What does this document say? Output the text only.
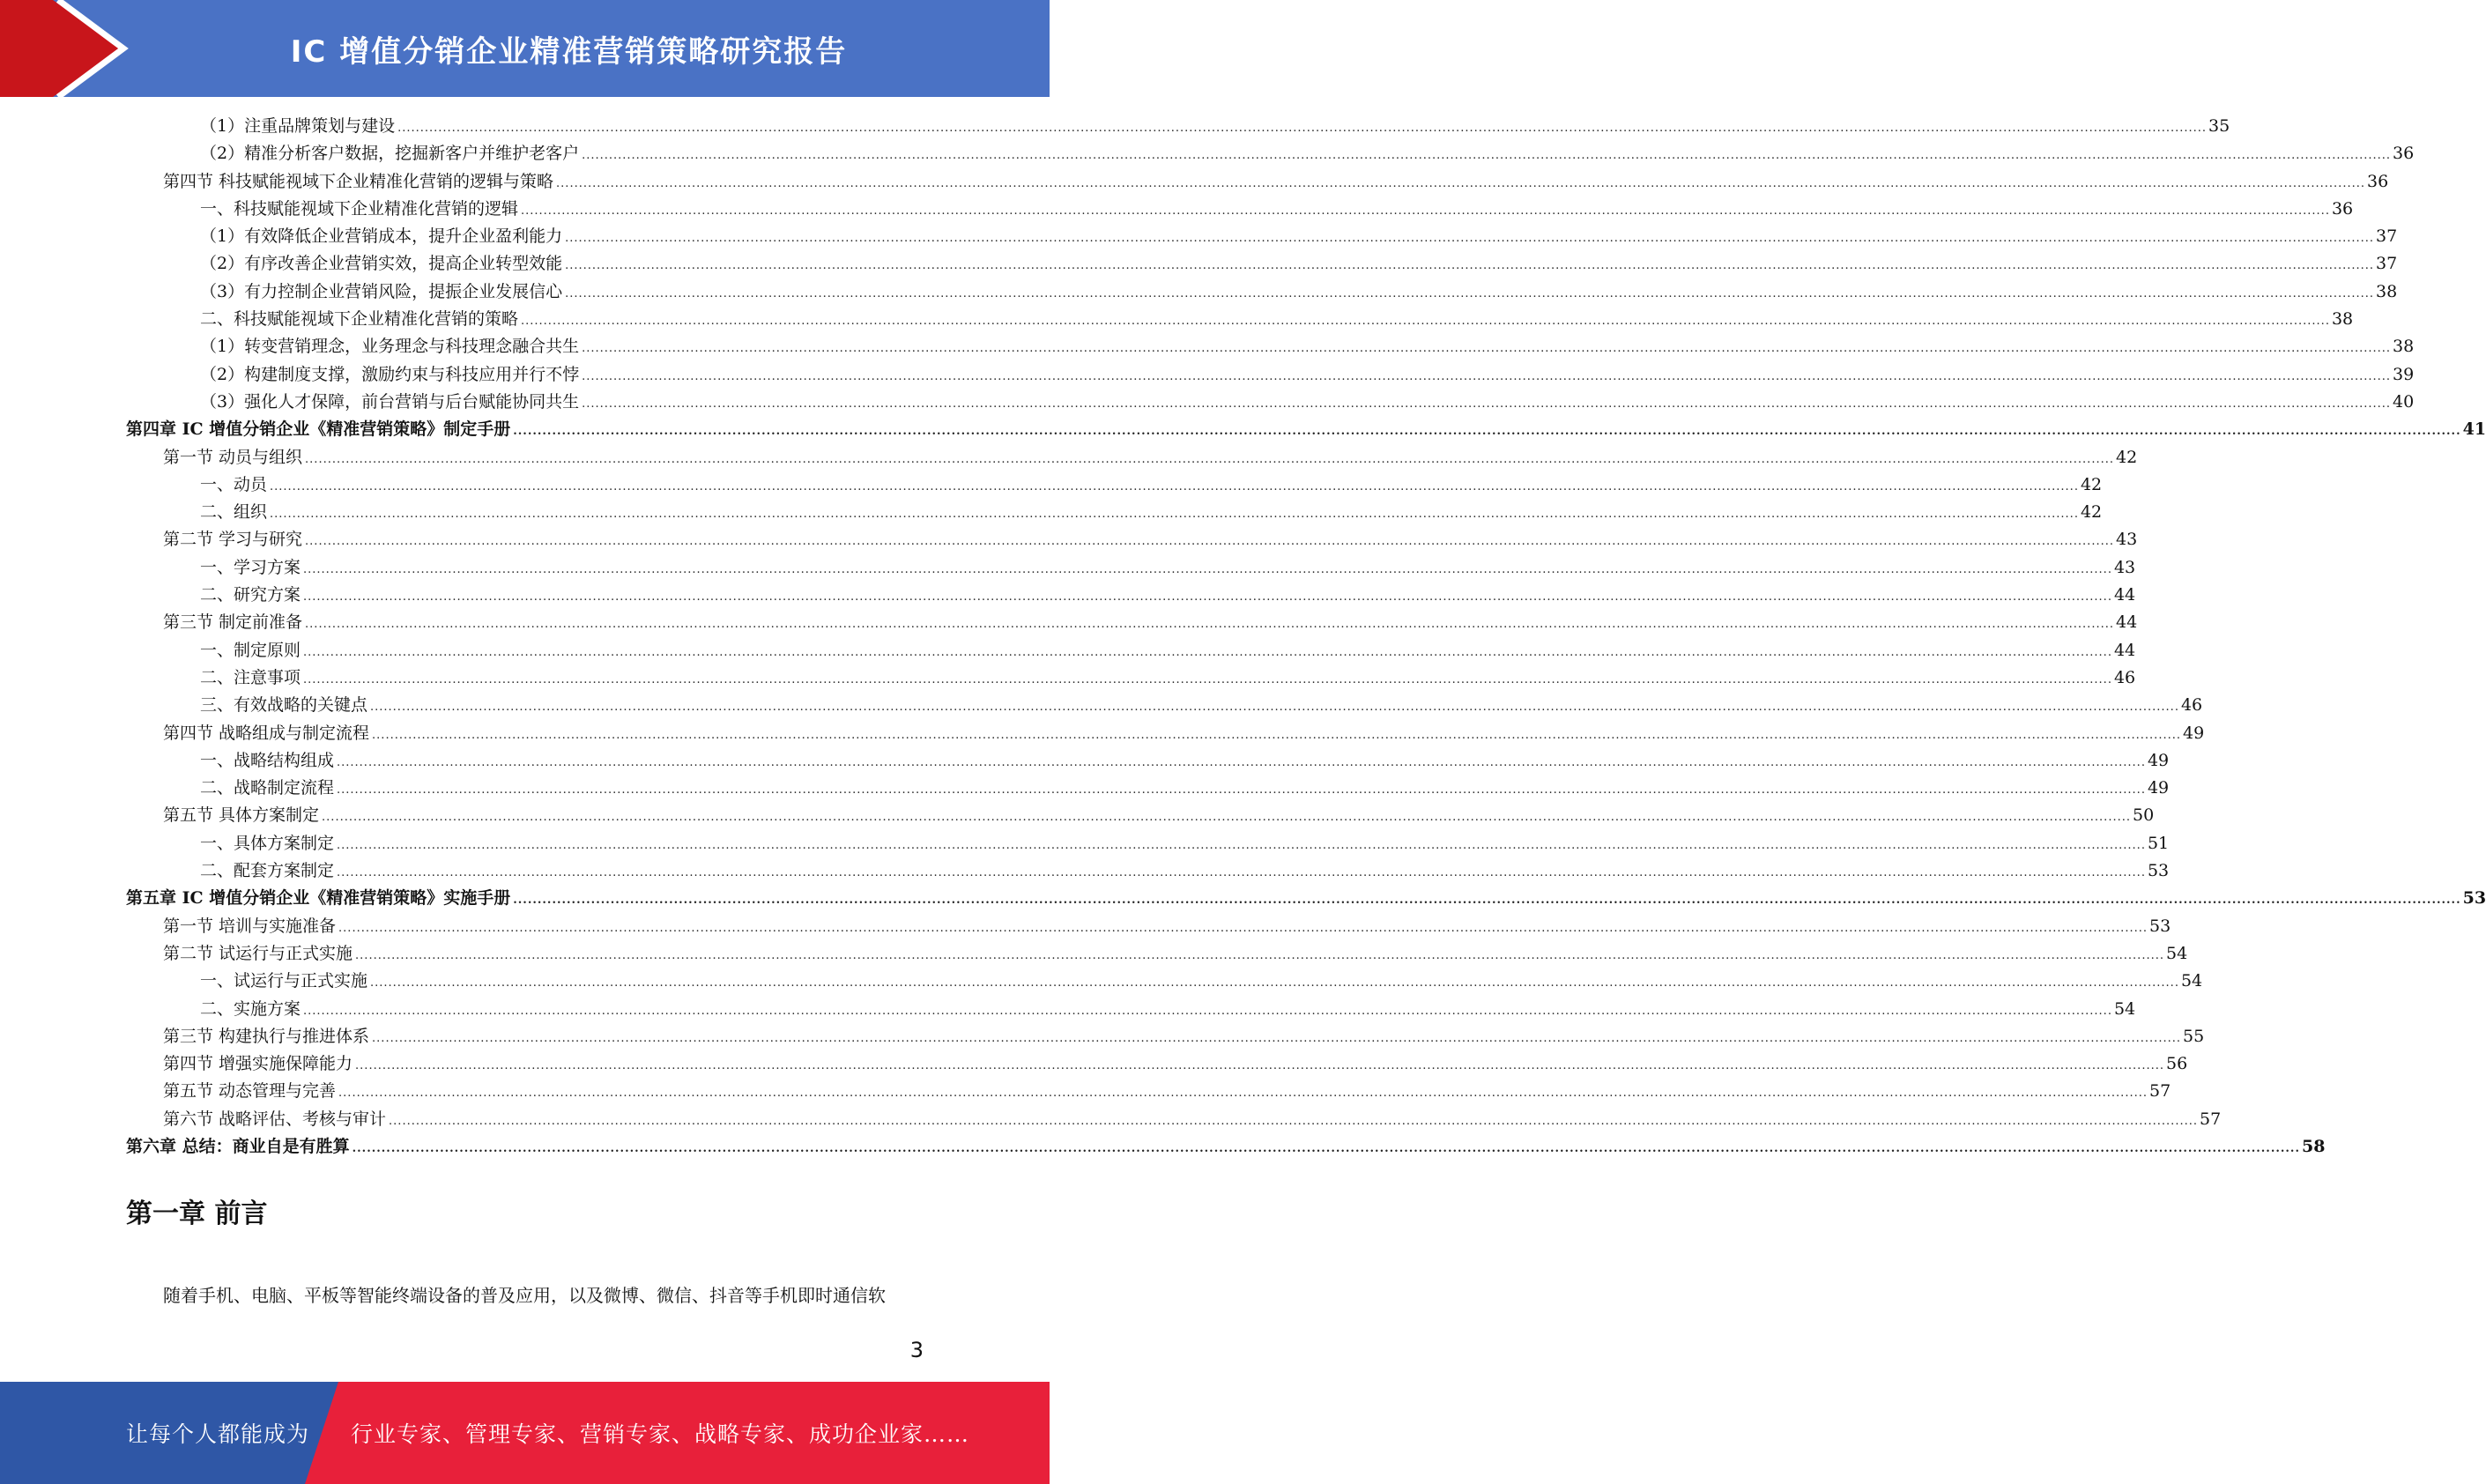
IC 增值分销企业精准营销策略研究报告
（1）注重品牌策划与建设 ................................................................................................................................................................................................................................................................................................................................................................................................................ 35
（2）精准分析客户数据，挖掘新客户并维护老客户 ................................................................................................................................................................................................................................................................................................................................................................................................................ 36
第四节 科技赋能视域下企业精准化营销的逻辑与策略 ................................................................................................................................................................................................................................................................................................................................................................................................................ 36
一、科技赋能视域下企业精准化营销的逻辑 ................................................................................................................................................................................................................................................................................................................................................................................................................ 36
（1）有效降低企业营销成本，提升企业盈利能力 ................................................................................................................................................................................................................................................................................................................................................................................................................ 37
（2）有序改善企业营销实效，提高企业转型效能 ................................................................................................................................................................................................................................................................................................................................................................................................................ 37
（3）有力控制企业营销风险，提振企业发展信心 ................................................................................................................................................................................................................................................................................................................................................................................................................ 38
二、科技赋能视域下企业精准化营销的策略 ................................................................................................................................................................................................................................................................................................................................................................................................................ 38
（1）转变营销理念，业务理念与科技理念融合共生 ................................................................................................................................................................................................................................................................................................................................................................................................................ 38
（2）构建制度支撑，激励约束与科技应用并行不悖 ................................................................................................................................................................................................................................................................................................................................................................................................................ 39
（3）强化人才保障，前台营销与后台赋能协同共生 ................................................................................................................................................................................................................................................................................................................................................................................................................ 40
第四章 IC 增值分销企业《精准营销策略》制定手册 ................................................................................................................................................................................................................................................................................................................................................................................................................ 41
第一节 动员与组织 ................................................................................................................................................................................................................................................................................................................................................................................................................ 42
一、动员 ................................................................................................................................................................................................................................................................................................................................................................................................................ 42
二、组织 ................................................................................................................................................................................................................................................................................................................................................................................................................ 42
第二节 学习与研究 ................................................................................................................................................................................................................................................................................................................................................................................................................ 43
一、学习方案 ................................................................................................................................................................................................................................................................................................................................................................................................................ 43
二、研究方案 ................................................................................................................................................................................................................................................................................................................................................................................................................ 44
第三节 制定前准备 ................................................................................................................................................................................................................................................................................................................................................................................................................ 44
一、制定原则 ................................................................................................................................................................................................................................................................................................................................................................................................................ 44
二、注意事项 ................................................................................................................................................................................................................................................................................................................................................................................................................ 46
三、有效战略的关键点 ................................................................................................................................................................................................................................................................................................................................................................................................................ 46
第四节 战略组成与制定流程 ................................................................................................................................................................................................................................................................................................................................................................................................................ 49
一、战略结构组成 ................................................................................................................................................................................................................................................................................................................................................................................................................ 49
二、战略制定流程 ................................................................................................................................................................................................................................................................................................................................................................................................................ 49
第五节 具体方案制定 ................................................................................................................................................................................................................................................................................................................................................................................................................ 50
一、具体方案制定 ................................................................................................................................................................................................................................................................................................................................................................................................................ 51
二、配套方案制定 ................................................................................................................................................................................................................................................................................................................................................................................................................ 53
第五章 IC 增值分销企业《精准营销策略》实施手册 ................................................................................................................................................................................................................................................................................................................................................................................................................ 53
第一节 培训与实施准备 ................................................................................................................................................................................................................................................................................................................................................................................................................ 53
第二节 试运行与正式实施 ................................................................................................................................................................................................................................................................................................................................................................................................................ 54
一、试运行与正式实施 ................................................................................................................................................................................................................................................................................................................................................................................................................ 54
二、实施方案 ................................................................................................................................................................................................................................................................................................................................................................................................................ 54
第三节 构建执行与推进体系 ................................................................................................................................................................................................................................................................................................................................................................................................................ 55
第四节 增强实施保障能力 ................................................................................................................................................................................................................................................................................................................................................................................................................ 56
第五节 动态管理与完善 ................................................................................................................................................................................................................................................................................................................................................................................................................ 57
第六节 战略评估、考核与审计 ................................................................................................................................................................................................................................................................................................................................................................................................................ 57
第六章 总结：商业自是有胜算 ................................................................................................................................................................................................................................................................................................................................................................................................................ 58
第一章 前言
随着手机、电脑、平板等智能终端设备的普及应用，以及微博、微信、抖音等手机即时通信软
3
让每个人都能成为 行业专家、管理专家、营销专家、战略专家、成功企业家……
